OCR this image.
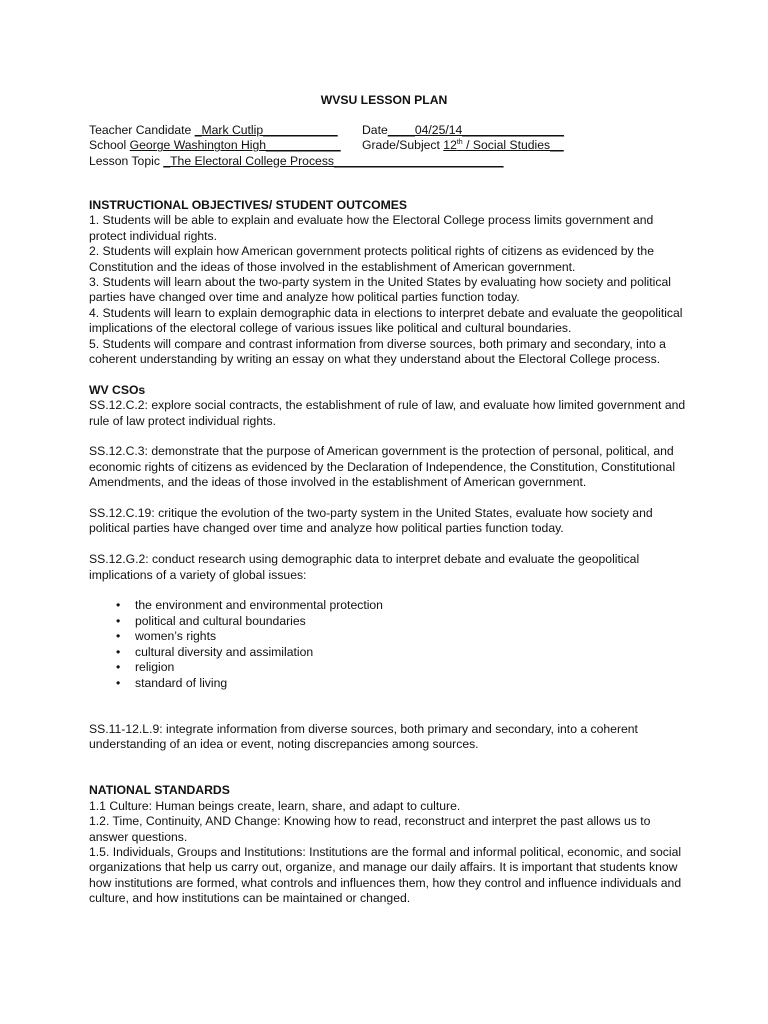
WVSU LESSON PLAN
Teacher Candidate _Mark Cutlip___________	Date____04/25/14_______________
School George Washington High___________	Grade/Subject 12th / Social Studies__
Lesson Topic _The Electoral College Process_________________________
INSTRUCTIONAL OBJECTIVES/ STUDENT OUTCOMES

1. Students will be able to explain and evaluate how the Electoral College process limits government and protect individual rights.

2. Students will explain how American government protects political rights of citizens as evidenced by the Constitution and the ideas of those involved in the establishment of American government.

3. Students will learn about the two-party system in the United States by evaluating how society and political parties have changed over time and analyze how political parties function today.

4. Students will learn to explain demographic data in elections to interpret debate and evaluate the geopolitical implications of the electoral college of various issues like political and cultural boundaries.

5. Students will compare and contrast information from diverse sources, both primary and secondary, into a coherent understanding by writing an essay on what they understand about the Electoral College process.

WV CSOs

SS.12.C.2: explore social contracts, the establishment of rule of law, and evaluate how limited government and rule of law protect individual rights.

SS.12.C.3: demonstrate that the purpose of American government is the protection of personal, political, and economic rights of citizens as evidenced by the Declaration of Independence, the Constitution, Constitutional Amendments, and the ideas of those involved in the establishment of American government.

SS.12.C.19: critique the evolution of the two-party system in the United States, evaluate how society and political parties have changed over time and analyze how political parties function today.

SS.12.G.2: conduct research using demographic data to interpret debate and evaluate the geopolitical implications of a variety of global issues:

• the environment and environmental protection
• political and cultural boundaries
• women’s rights
• cultural diversity and assimilation
• religion
• standard of living

SS.11-12.L.9: integrate information from diverse sources, both primary and secondary, into a coherent understanding of an idea or event, noting discrepancies among sources.

NATIONAL STANDARDS

1.1 Culture: Human beings create, learn, share, and adapt to culture.

1.2. Time, Continuity, AND Change: Knowing how to read, reconstruct and interpret the past allows us to answer questions.

1.5. Individuals, Groups and Institutions: Institutions are the formal and informal political, economic, and social organizations that help us carry out, organize, and manage our daily affairs. It is important that students know how institutions are formed, what controls and influences them, how they control and influence individuals and culture, and how institutions can be maintained or changed.
